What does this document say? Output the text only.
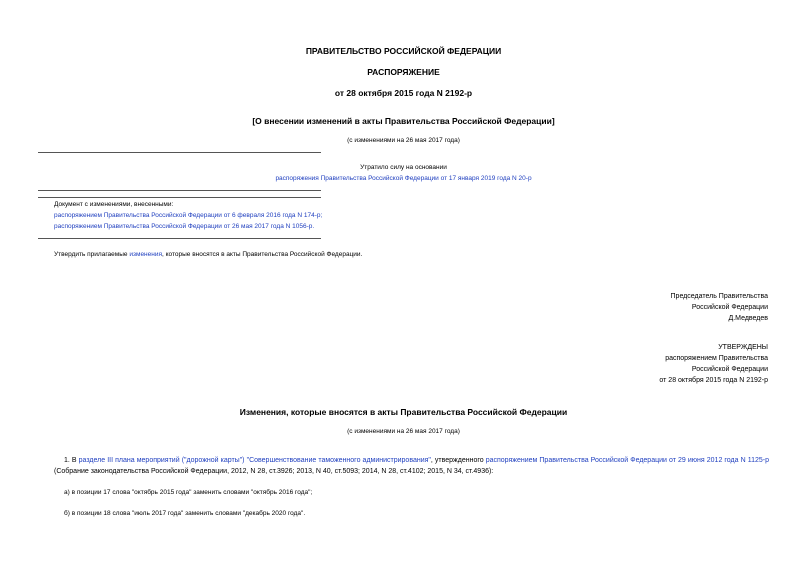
ПРАВИТЕЛЬСТВО РОССИЙСКОЙ ФЕДЕРАЦИИ
РАСПОРЯЖЕНИЕ
от 28 октября 2015 года N 2192-р
[О внесении изменений в акты Правительства Российской Федерации]
(с изменениями на 26 мая 2017 года)
Утратило силу на основании
распоряжения Правительства Российской Федерации от 17 января 2019 года N 20-р
Документ с изменениями, внесенными:
распоряжением Правительства Российской Федерации от 6 февраля 2016 года N 174-р;
распоряжением Правительства Российской Федерации от 26 мая 2017 года N 1056-р.
Утвердить прилагаемые изменения, которые вносятся в акты Правительства Российской Федерации.
Председатель Правительства
Российской Федерации
Д.Медведев
УТВЕРЖДЕНЫ
распоряжением Правительства
Российской Федерации
от 28 октября 2015 года N 2192-р
Изменения, которые вносятся в акты Правительства Российской Федерации
(с изменениями на 26 мая 2017 года)
1. В разделе III плана мероприятий ("дорожной карты") "Совершенствование таможенного администрирования", утвержденного распоряжением Правительства Российской Федерации от 29 июня 2012 года N 1125-р (Собрание законодательства Российской Федерации, 2012, N 28, ст.3926; 2013, N 40, ст.5093; 2014, N 28, ст.4102; 2015, N 34, ст.4936):
а) в позиции 17 слова "октябрь 2015 года" заменить словами "октябрь 2016 года";
б) в позиции 18 слова "июль 2017 года" заменить словами "декабрь 2020 года".
